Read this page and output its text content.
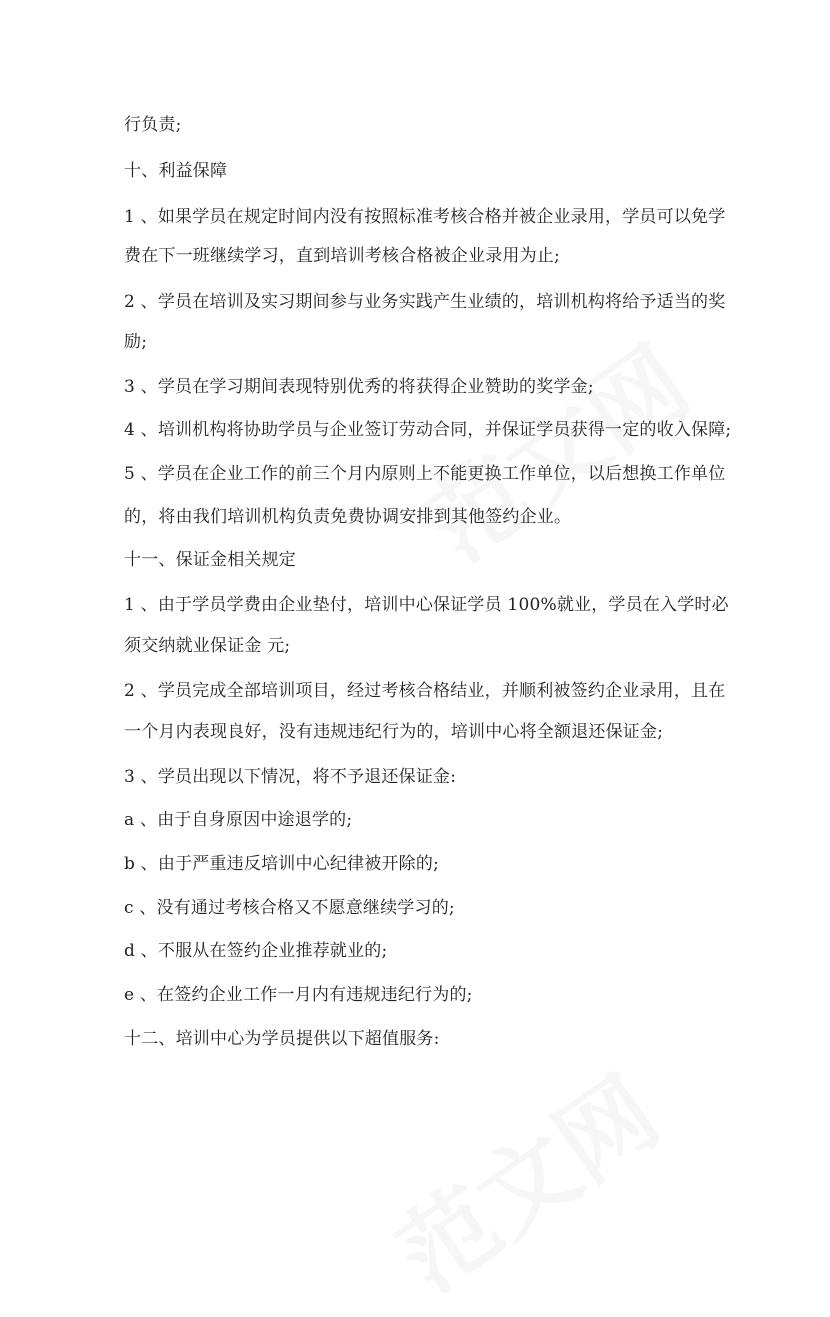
行负责;
十、利益保障
1 、如果学员在规定时间内没有按照标准考核合格并被企业录用，学员可以免学
费在下一班继续学习，直到培训考核合格被企业录用为止;
2 、学员在培训及实习期间参与业务实践产生业绩的，培训机构将给予适当的奖
励;
3 、学员在学习期间表现特别优秀的将获得企业赞助的奖学金;
4 、培训机构将协助学员与企业签订劳动合同，并保证学员获得一定的收入保障;
5 、学员在企业工作的前三个月内原则上不能更换工作单位，以后想换工作单位
的，将由我们培训机构负责免费协调安排到其他签约企业。
十一、保证金相关规定
1 、由于学员学费由企业垫付，培训中心保证学员 100%就业，学员在入学时必
须交纳就业保证金 元;
2 、学员完成全部培训项目，经过考核合格结业，并顺利被签约企业录用，且在
一个月内表现良好，没有违规违纪行为的，培训中心将全额退还保证金;
3 、学员出现以下情况，将不予退还保证金:
a 、由于自身原因中途退学的;
b 、由于严重违反培训中心纪律被开除的;
c 、没有通过考核合格又不愿意继续学习的;
d 、不服从在签约企业推荐就业的;
e 、在签约企业工作一月内有违规违纪行为的;
十二、培训中心为学员提供以下超值服务:
